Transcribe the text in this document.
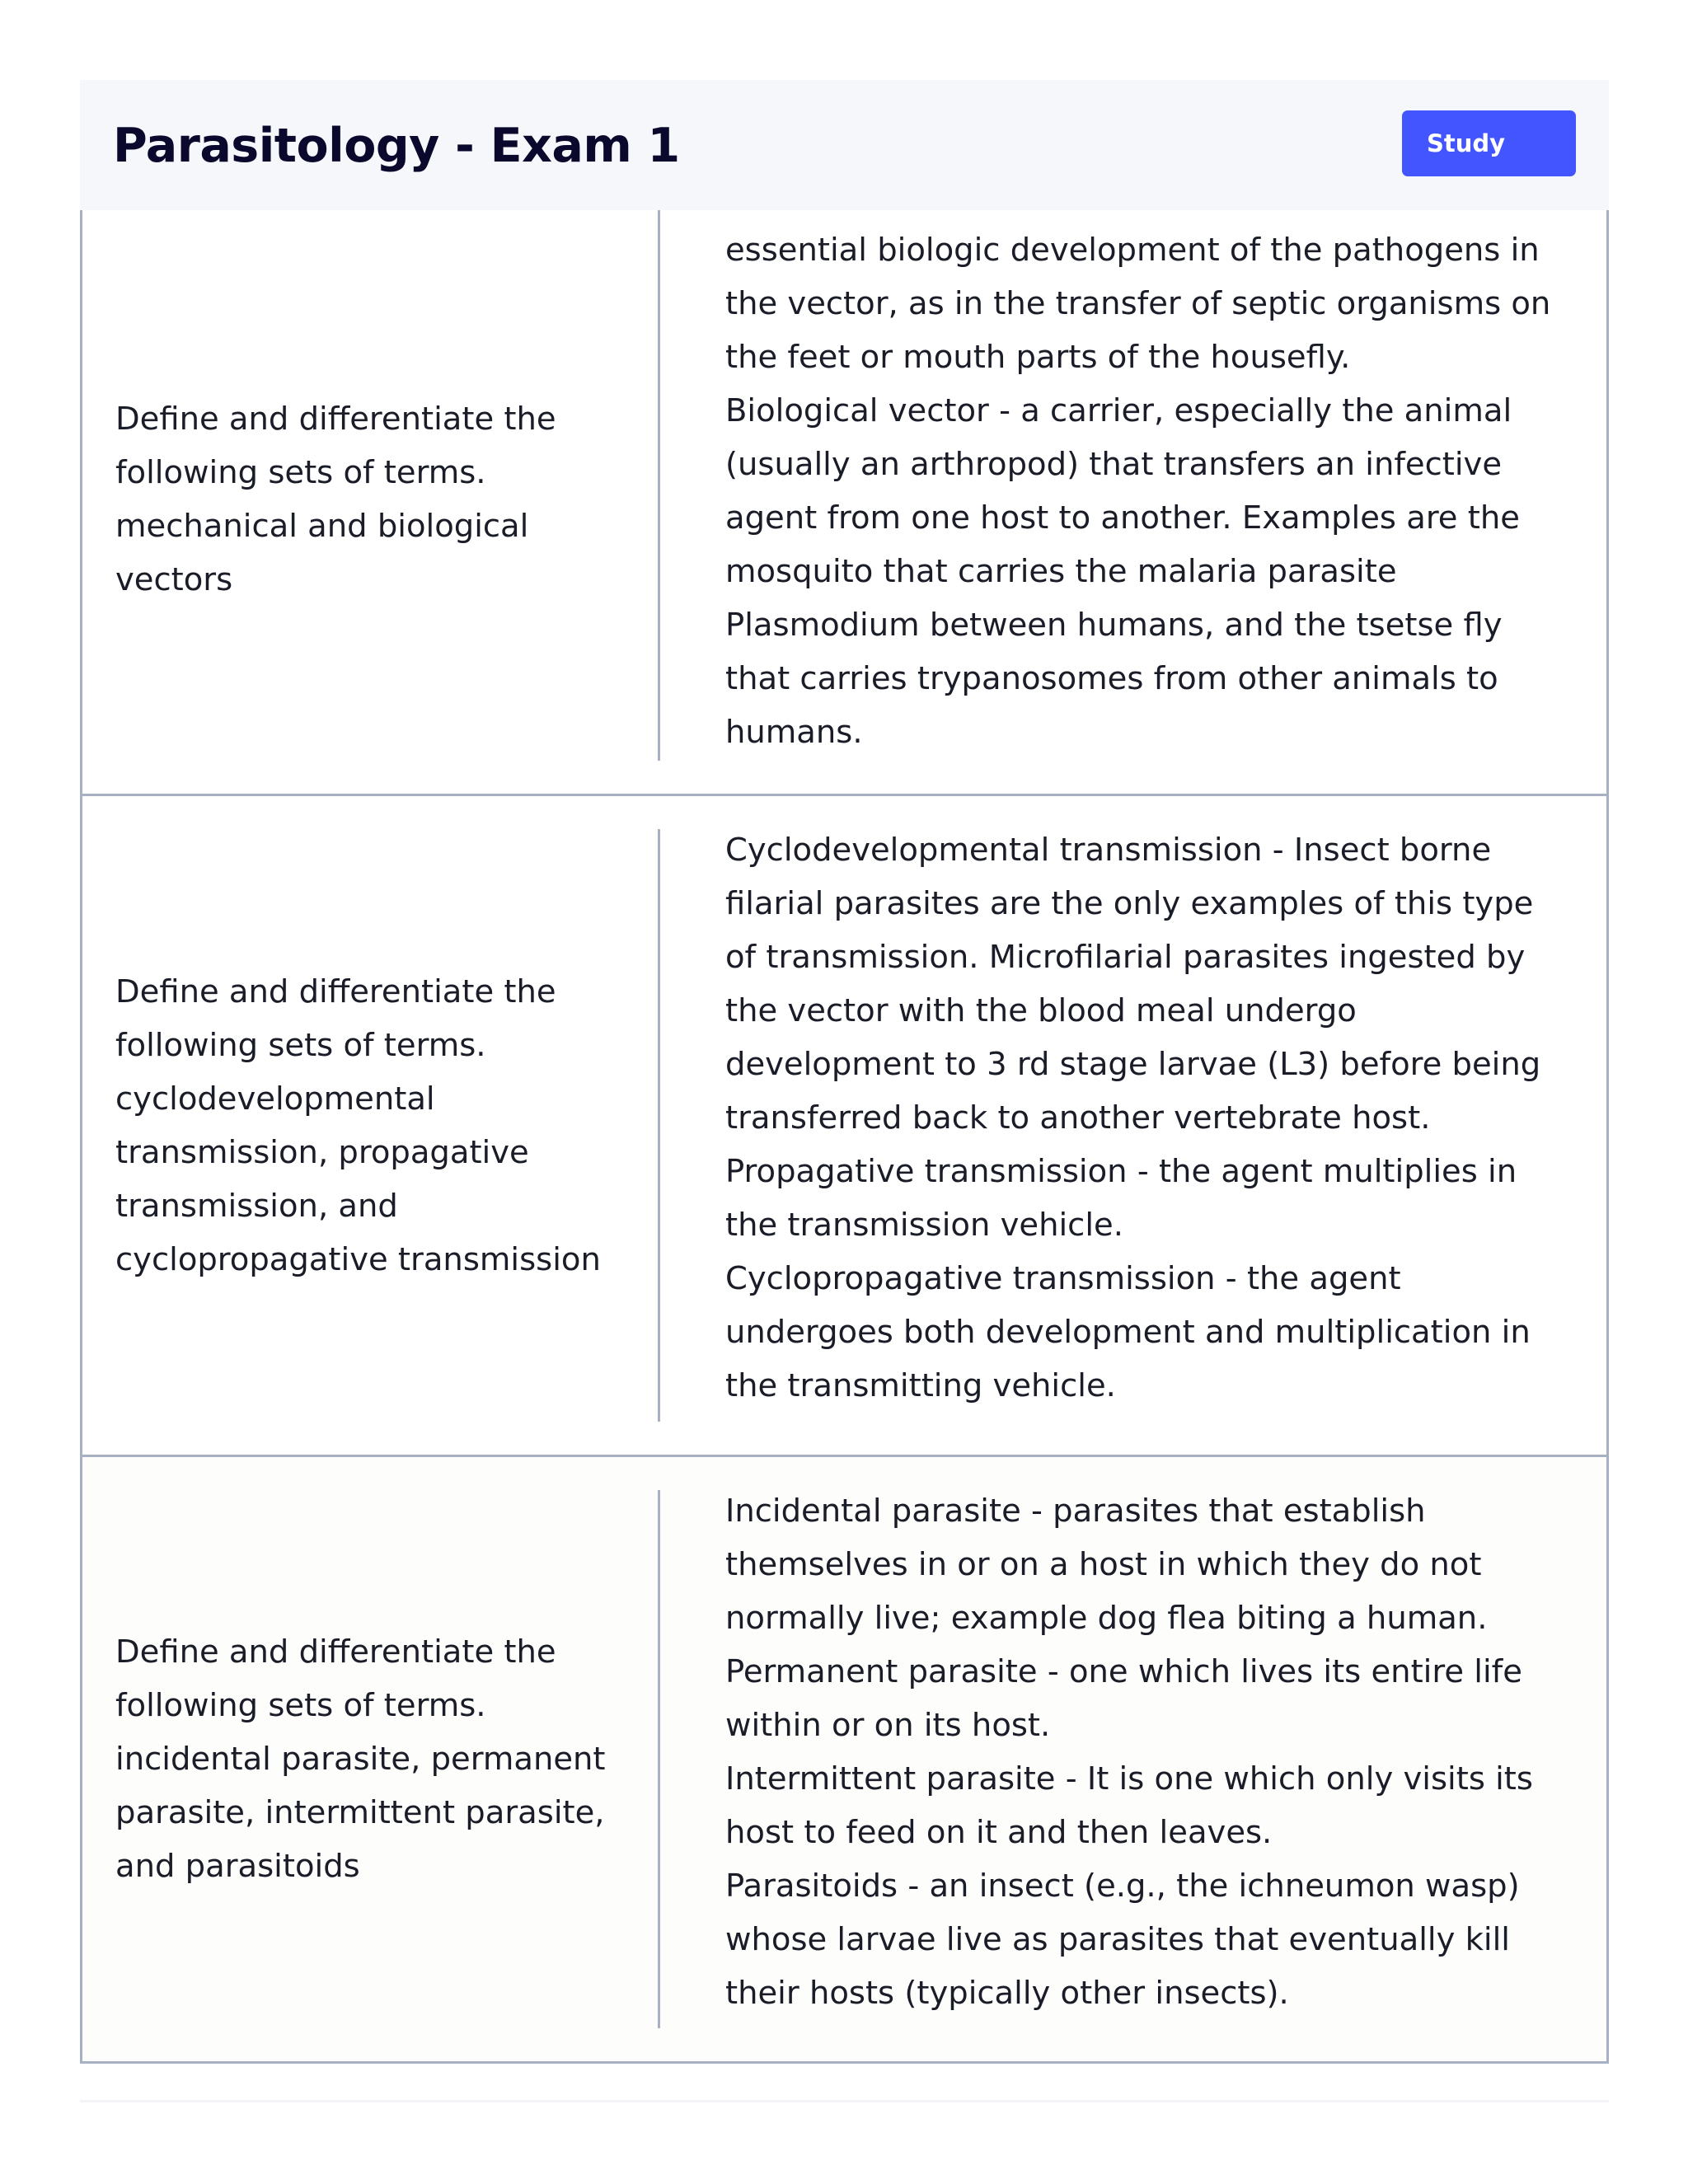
Parasitology - Exam 1	Study
Define and differentiate the
following sets of terms.
mechanical and biological
vectors
essential biologic development of the pathogens in
the vector, as in the transfer of septic organisms on
the feet or mouth parts of the housefly.
Biological vector - a carrier, especially the animal
(usually an arthropod) that transfers an infective
agent from one host to another. Examples are the
mosquito that carries the malaria parasite
Plasmodium between humans, and the tsetse fly
that carries trypanosomes from other animals to
humans.
Define and differentiate the
following sets of terms.
cyclodevelopmental
transmission, propagative
transmission, and
cyclopropagative transmission
Cyclodevelopmental transmission - Insect borne
filarial parasites are the only examples of this type
of transmission. Microfilarial parasites ingested by
the vector with the blood meal undergo
development to 3 rd stage larvae (L3) before being
transferred back to another vertebrate host.
Propagative transmission - the agent multiplies in
the transmission vehicle.
Cyclopropagative transmission - the agent
undergoes both development and multiplication in
the transmitting vehicle.
Define and differentiate the
following sets of terms.
incidental parasite, permanent
parasite, intermittent parasite,
and parasitoids
Incidental parasite - parasites that establish
themselves in or on a host in which they do not
normally live; example dog flea biting a human.
Permanent parasite - one which lives its entire life
within or on its host.
Intermittent parasite - It is one which only visits its
host to feed on it and then leaves.
Parasitoids - an insect (e.g., the ichneumon wasp)
whose larvae live as parasites that eventually kill
their hosts (typically other insects).
